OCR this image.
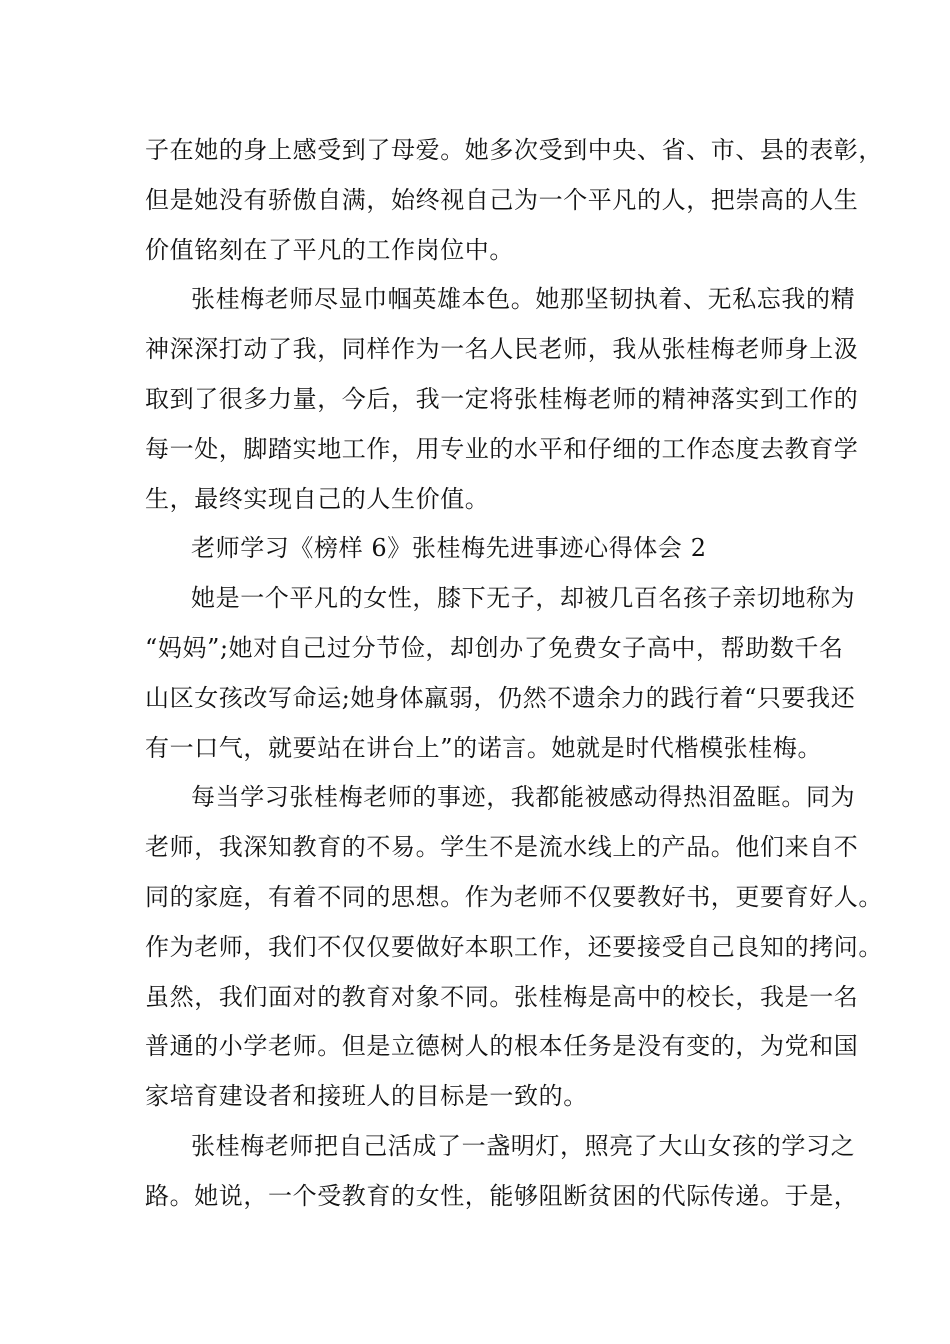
子在她的身上感受到了母爱。她多次受到中央、省、市、县的表彰，
但是她没有骄傲自满，始终视自己为一个平凡的人，把崇高的人生
价值铭刻在了平凡的工作岗位中。
张桂梅老师尽显巾帼英雄本色。她那坚韧执着、无私忘我的精
神深深打动了我，同样作为一名人民老师，我从张桂梅老师身上汲
取到了很多力量，今后，我一定将张桂梅老师的精神落实到工作的
每一处，脚踏实地工作，用专业的水平和仔细的工作态度去教育学
生，最终实现自己的人生价值。
老师学习《榜样 6》张桂梅先进事迹心得体会 2
她是一个平凡的女性，膝下无子，却被几百名孩子亲切地称为
“妈妈”;她对自己过分节俭，却创办了免费女子高中，帮助数千名
山区女孩改写命运;她身体羸弱，仍然不遗余力的践行着“只要我还
有一口气，就要站在讲台上”的诺言。她就是时代楷模张桂梅。
每当学习张桂梅老师的事迹，我都能被感动得热泪盈眶。同为
老师，我深知教育的不易。学生不是流水线上的产品。他们来自不
同的家庭，有着不同的思想。作为老师不仅要教好书，更要育好人。
作为老师，我们不仅仅要做好本职工作，还要接受自己良知的拷问。
虽然，我们面对的教育对象不同。张桂梅是高中的校长，我是一名
普通的小学老师。但是立德树人的根本任务是没有变的，为党和国
家培育建设者和接班人的目标是一致的。
张桂梅老师把自己活成了一盏明灯，照亮了大山女孩的学习之
路。她说，一个受教育的女性，能够阻断贫困的代际传递。于是，
